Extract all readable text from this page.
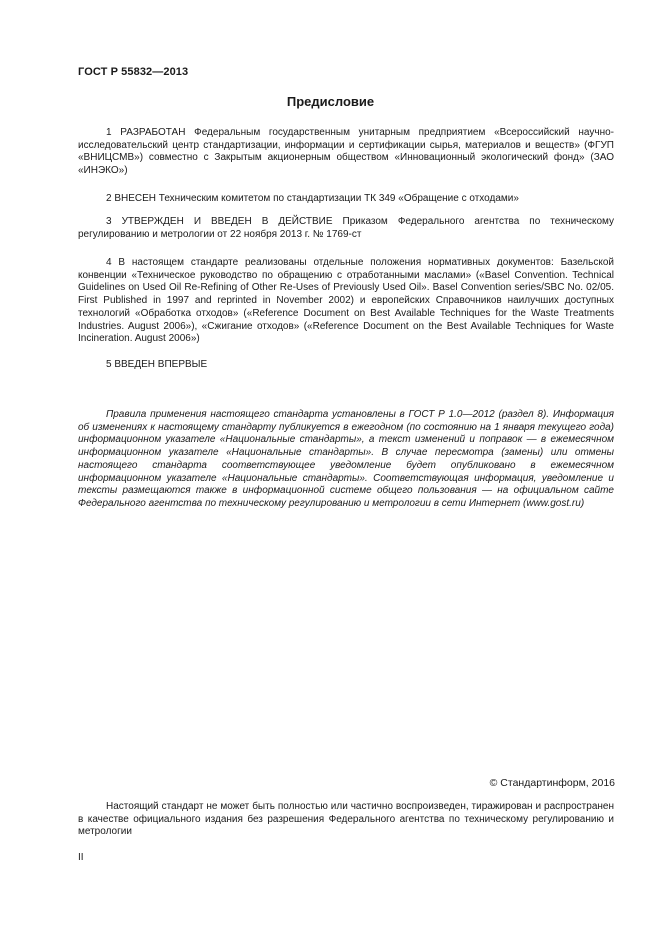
ГОСТ Р 55832—2013
Предисловие

1 РАЗРАБОТАН Федеральным государственным унитарным предприятием «Всероссийский научно-исследовательский центр стандартизации, информации и сертификации сырья, материалов и веществ» (ФГУП «ВНИЦСМВ») совместно с Закрытым акционерным обществом «Инновационный экологический фонд» (ЗАО «ИНЭКО»)

2 ВНЕСЕН Техническим комитетом по стандартизации ТК 349 «Обращение с отходами»

3 УТВЕРЖДЕН И ВВЕДЕН В ДЕЙСТВИЕ Приказом Федерального агентства по техническому регулированию и метрологии от 22 ноября 2013 г. № 1769-ст

4 В настоящем стандарте реализованы отдельные положения нормативных документов: Базельской конвенции «Техническое руководство по обращению с отработанными маслами» («Basel Convention. Technical Guidelines on Used Oil Re-Refining of Other Re-Uses of Previously Used Oil». Basel Convention series/SBC No. 02/05. First Published in 1997 and reprinted in November 2002) и европейских Справочников наилучших доступных технологий «Обработка отходов» («Reference Document on Best Available Techniques for the Waste Treatments Industries. August 2006»), «Сжигание отходов» («Reference Document on the Best Available Techniques for Waste Incineration. August 2006»)

5 ВВЕДЕН ВПЕРВЫЕ

Правила применения настоящего стандарта установлены в ГОСТ Р 1.0—2012 (раздел 8). Информация об изменениях к настоящему стандарту публикуется в ежегодном (по состоянию на 1 января текущего года) информационном указателе «Национальные стандарты», а текст изменений и поправок — в ежемесячном информационном указателе «Национальные стандарты». В случае пересмотра (замены) или отмены настоящего стандарта соответствующее уведомление будет опубликовано в ежемесячном информационном указателе «Национальные стандарты». Соответствующая информация, уведомление и тексты размещаются также в информационной системе общего пользования — на официальном сайте Федерального агентства по техническому регулированию и метрологии в сети Интернет (www.gost.ru)

© Стандартинформ, 2016

Настоящий стандарт не может быть полностью или частично воспроизведен, тиражирован и распространен в качестве официального издания без разрешения Федерального агентства по техническому регулированию и метрологии

II
